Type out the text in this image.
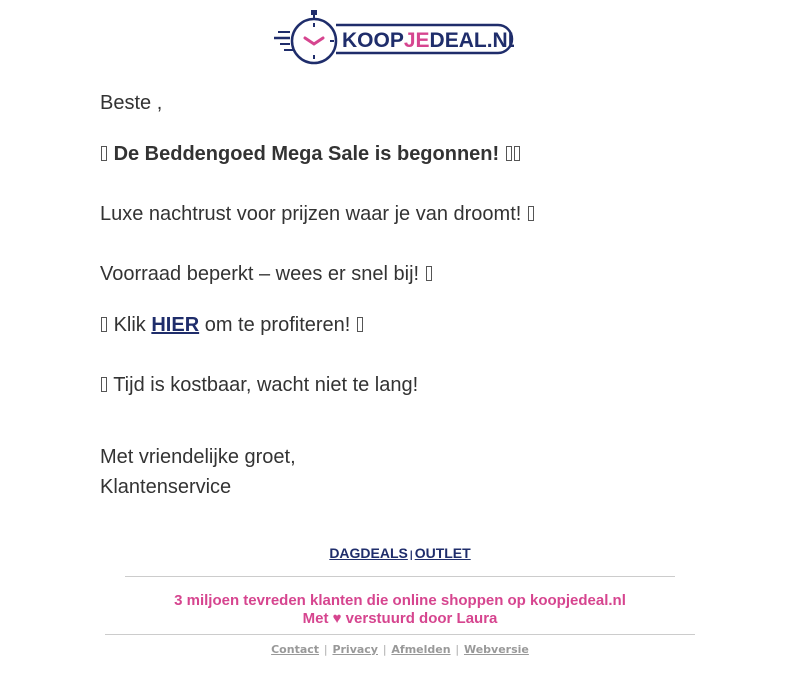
KOOPJEDEAL.NL
Beste ,
De Beddengoed Mega Sale is begonnen!
Luxe nachtrust voor prijzen waar je van droomt!
Voorraad beperkt – wees er snel bij!
Klik HIER om te profiteren!
Tijd is kostbaar, wacht niet te lang!
Met vriendelijke groet,
Klantenservice
DAGDEALS | OUTLET
3 miljoen tevreden klanten die online shoppen op koopjedeal.nl
Met ♥ verstuurd door Laura
Contact | Privacy | Afmelden | Webversie
